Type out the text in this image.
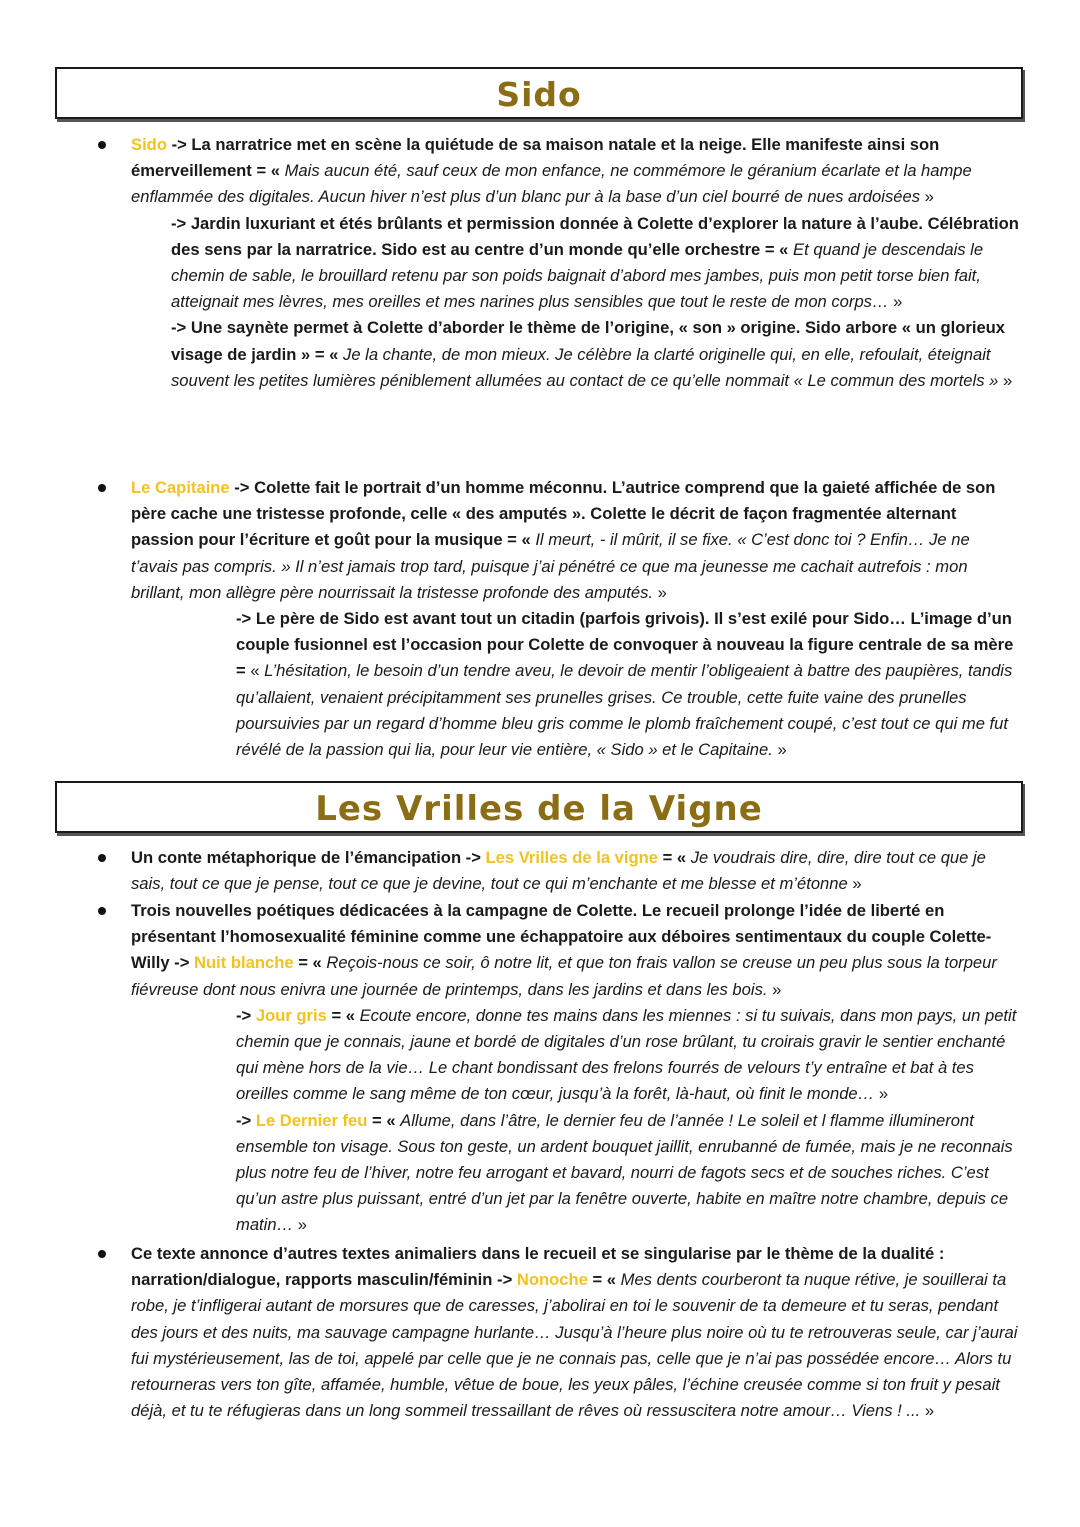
Sido

Sido -> La narratrice met en scène la quiétude de sa maison natale et la neige. Elle manifeste ainsi son émerveillement = « Mais aucun été, sauf ceux de mon enfance, ne commémore le géranium écarlate et la hampe enflammée des digitales. Aucun hiver n’est plus d’un blanc pur à la base d’un ciel bourré de nues ardoisées »

-> Jardin luxuriant et étés brûlants et permission donnée à Colette d’explorer la nature à l’aube. Célébration des sens par la narratrice. Sido est au centre d’un monde qu’elle orchestre = « Et quand je descendais le chemin de sable, le brouillard retenu par son poids baignait d’abord mes jambes, puis mon petit torse bien fait, atteignait mes lèvres, mes oreilles et mes narines plus sensibles que tout le reste de mon corps… »

-> Une saynète permet à Colette d’aborder le thème de l’origine, « son » origine. Sido arbore « un glorieux visage de jardin » = « Je la chante, de mon mieux. Je célèbre la clarté originelle qui, en elle, refoulait, éteignait souvent les petites lumières péniblement allumées au contact de ce qu’elle nommait « Le commun des mortels » »

Le Capitaine -> Colette fait le portrait d’un homme méconnu. L’autrice comprend que la gaieté affichée de son père cache une tristesse profonde, celle « des amputés ». Colette le décrit de façon fragmentée alternant passion pour l’écriture et goût pour la musique = « Il meurt, - il mûrit, il se fixe. « C’est donc toi ? Enfin… Je ne t’avais pas compris. » Il n’est jamais trop tard, puisque j’ai pénétré ce que ma jeunesse me cachait autrefois : mon brillant, mon allègre père nourrissait la tristesse profonde des amputés. »

-> Le père de Sido est avant tout un citadin (parfois grivois). Il s’est exilé pour Sido… L’image d’un couple fusionnel est l’occasion pour Colette de convoquer à nouveau la figure centrale de sa mère = « L’hésitation, le besoin d’un tendre aveu, le devoir de mentir l’obligeaient à battre des paupières, tandis qu’allaient, venaient précipitamment ses prunelles grises. Ce trouble, cette fuite vaine des prunelles poursuivies par un regard d’homme bleu gris comme le plomb fraîchement coupé, c’est tout ce qui me fut révélé de la passion qui lia, pour leur vie entière, « Sido » et le Capitaine. »

Les Vrilles de la Vigne

Un conte métaphorique de l’émancipation -> Les Vrilles de la vigne = « Je voudrais dire, dire, dire tout ce que je sais, tout ce que je pense, tout ce que je devine, tout ce qui m’enchante et me blesse et m’étonne »

Trois nouvelles poétiques dédicacées à la campagne de Colette. Le recueil prolonge l’idée de liberté en présentant l’homosexualité féminine comme une échappatoire aux déboires sentimentaux du couple Colette-Willy -> Nuit blanche = « Reçois-nous ce soir, ô notre lit, et que ton frais vallon se creuse un peu plus sous la torpeur fiévreuse dont nous enivra une journée de printemps, dans les jardins et dans les bois. »

-> Jour gris = « Ecoute encore, donne tes mains dans les miennes : si tu suivais, dans mon pays, un petit chemin que je connais, jaune et bordé de digitales d’un rose brûlant, tu croirais gravir le sentier enchanté qui mène hors de la vie… Le chant bondissant des frelons fourrés de velours t’y entraîne et bat à tes oreilles comme le sang même de ton cœur, jusqu’à la forêt, là-haut, où finit le monde… »

-> Le Dernier feu = « Allume, dans l’âtre, le dernier feu de l’année ! Le soleil et l flamme illumineront ensemble ton visage. Sous ton geste, un ardent bouquet jaillit, enrubanné de fumée, mais je ne reconnais plus notre feu de l’hiver, notre feu arrogant et bavard, nourri de fagots secs et de souches riches. C’est qu’un astre plus puissant, entré d’un jet par la fenêtre ouverte, habite en maître notre chambre, depuis ce matin… »

Ce texte annonce d’autres textes animaliers dans le recueil et se singularise par le thème de la dualité : narration/dialogue, rapports masculin/féminin -> Nonoche = « Mes dents courberont ta nuque rétive, je souillerai ta robe, je t’infligerai autant de morsures que de caresses, j’abolirai en toi le souvenir de ta demeure et tu seras, pendant des jours et des nuits, ma sauvage campagne hurlante… Jusqu’à l’heure plus noire où tu te retrouveras seule, car j’aurai fui mystérieusement, las de toi, appelé par celle que je ne connais pas, celle que je n’ai pas possédée encore… Alors tu retourneras vers ton gîte, affamée, humble, vêtue de boue, les yeux pâles, l’échine creusée comme si ton fruit y pesait déjà, et tu te réfugieras dans un long sommeil tressaillant de rêves où ressuscitera notre amour… Viens ! ... »
